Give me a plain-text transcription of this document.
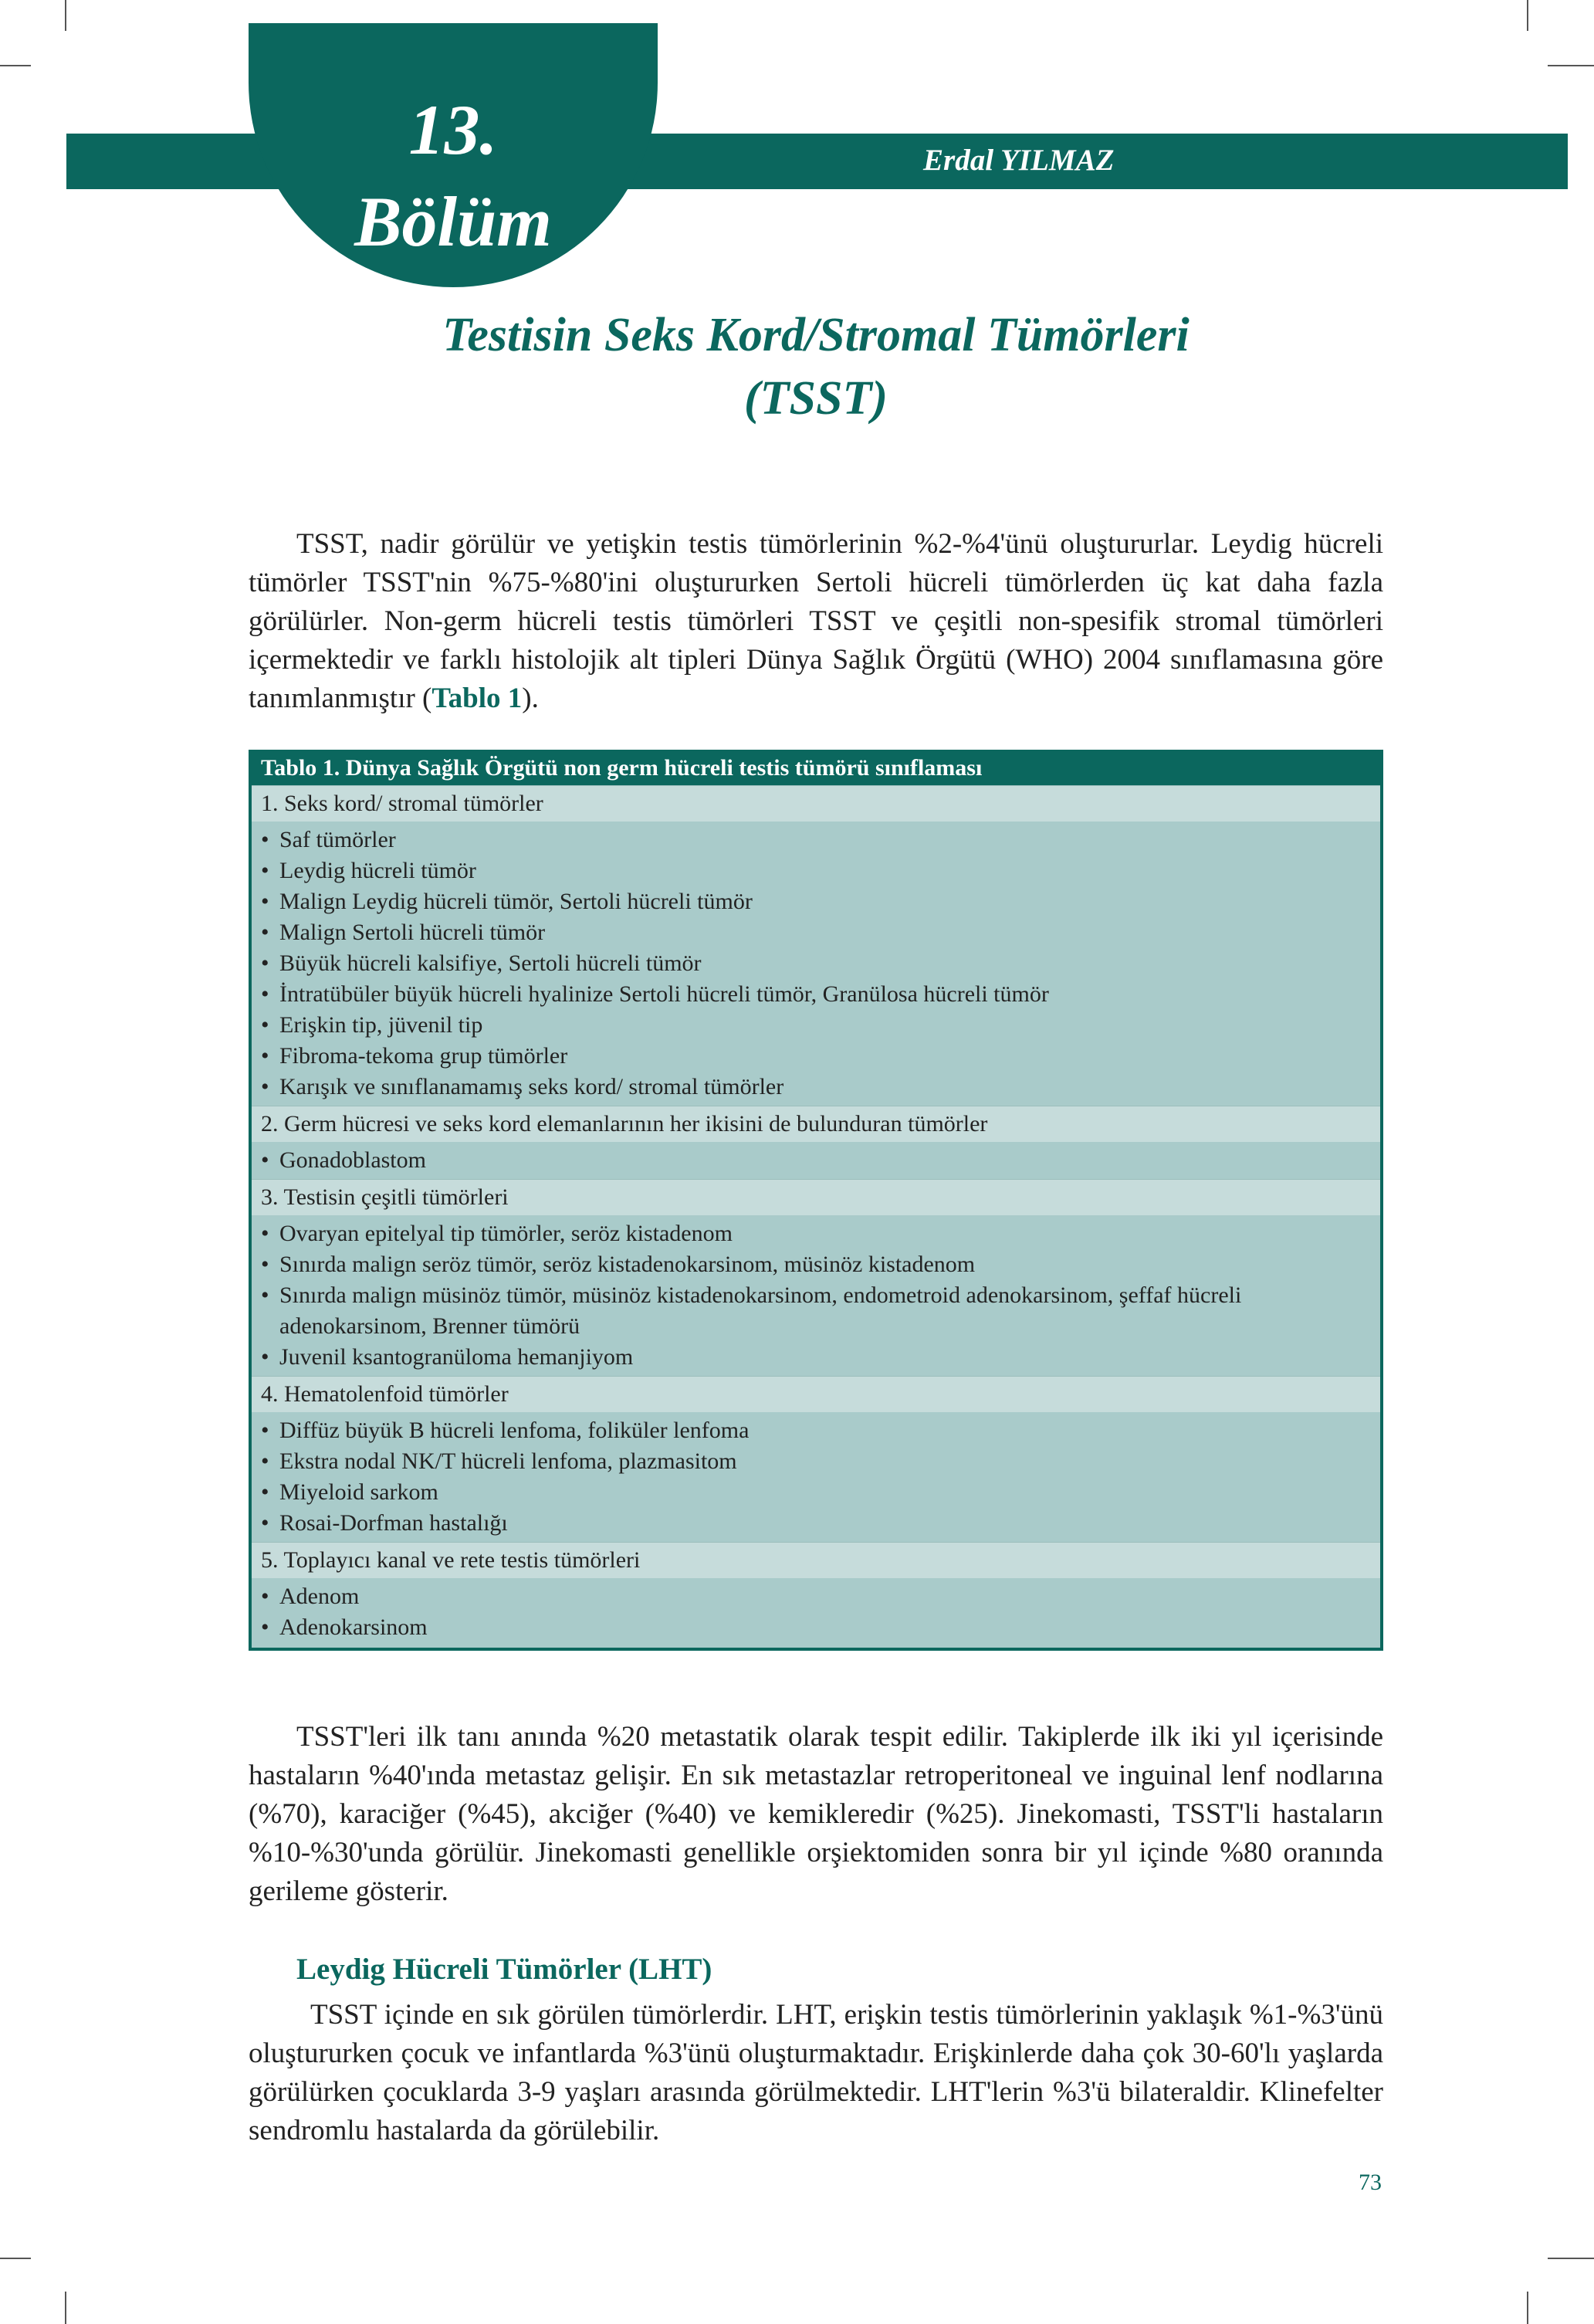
Erdal YILMAZ
13.
Bölüm
Testisin Seks Kord/Stromal Tümörleri
(TSST)

TSST, nadir görülür ve yetişkin testis tümörlerinin %2-%4'ünü oluştururlar. Leydig hücreli tümörler TSST'nin %75-%80'ini oluştururken Sertoli hücreli tümörlerden üç kat daha fazla görülürler. Non-germ hücreli testis tümörleri TSST ve çeşitli non-spesifik stromal tümörleri içermektedir ve farklı histolojik alt tipleri Dünya Sağlık Örgütü (WHO) 2004 sınıflamasına göre tanımlanmıştır (Tablo 1).

Tablo 1. Dünya Sağlık Örgütü non germ hücreli testis tümörü sınıflaması
1. Seks kord/ stromal tümörler
• Saf tümörler
• Leydig hücreli tümör
• Malign Leydig hücreli tümör, Sertoli hücreli tümör
• Malign Sertoli hücreli tümör
• Büyük hücreli kalsifiye, Sertoli hücreli tümör
• İntratübüler büyük hücreli hyalinize Sertoli hücreli tümör, Granülosa hücreli tümör
• Erişkin tip, jüvenil tip
• Fibroma-tekoma grup tümörler
• Karışık ve sınıflanamamış seks kord/ stromal tümörler
2. Germ hücresi ve seks kord elemanlarının her ikisini de bulunduran tümörler
• Gonadoblastom
3. Testisin çeşitli tümörleri
• Ovaryan epitelyal tip tümörler, seröz kistadenom
• Sınırda malign seröz tümör, seröz kistadenokarsinom, müsinöz kistadenom
• Sınırda malign müsinöz tümör, müsinöz kistadenokarsinom, endometroid adenokarsinom, şeffaf hücreli adenokarsinom, Brenner tümörü
• Juvenil ksantogranüloma hemanjiyom
4. Hematolenfoid tümörler
• Diffüz büyük B hücreli lenfoma, foliküler lenfoma
• Ekstra nodal NK/T hücreli lenfoma, plazmasitom
• Miyeloid sarkom
• Rosai-Dorfman hastalığı
5. Toplayıcı kanal ve rete testis tümörleri
• Adenom
• Adenokarsinom

TSST'leri ilk tanı anında %20 metastatik olarak tespit edilir. Takiplerde ilk iki yıl içerisinde hastaların %40'ında metastaz gelişir. En sık metastazlar retroperitoneal ve inguinal lenf nodlarına (%70), karaciğer (%45), akciğer (%40) ve kemikleredir (%25). Jinekomasti, TSST'li hastaların %10-%30'unda görülür. Jinekomasti genellikle orşiektomiden sonra bir yıl içinde %80 oranında gerileme gösterir.

Leydig Hücreli Tümörler (LHT)

TSST içinde en sık görülen tümörlerdir. LHT, erişkin testis tümörlerinin yaklaşık %1-%3'ünü oluştururken çocuk ve infantlarda %3'ünü oluşturmaktadır. Erişkinlerde daha çok 30-60'lı yaşlarda görülürken çocuklarda 3-9 yaşları arasında görülmektedir. LHT'lerin %3'ü bilateraldir. Klinefelter sendromlu hastalarda da görülebilir.

73
